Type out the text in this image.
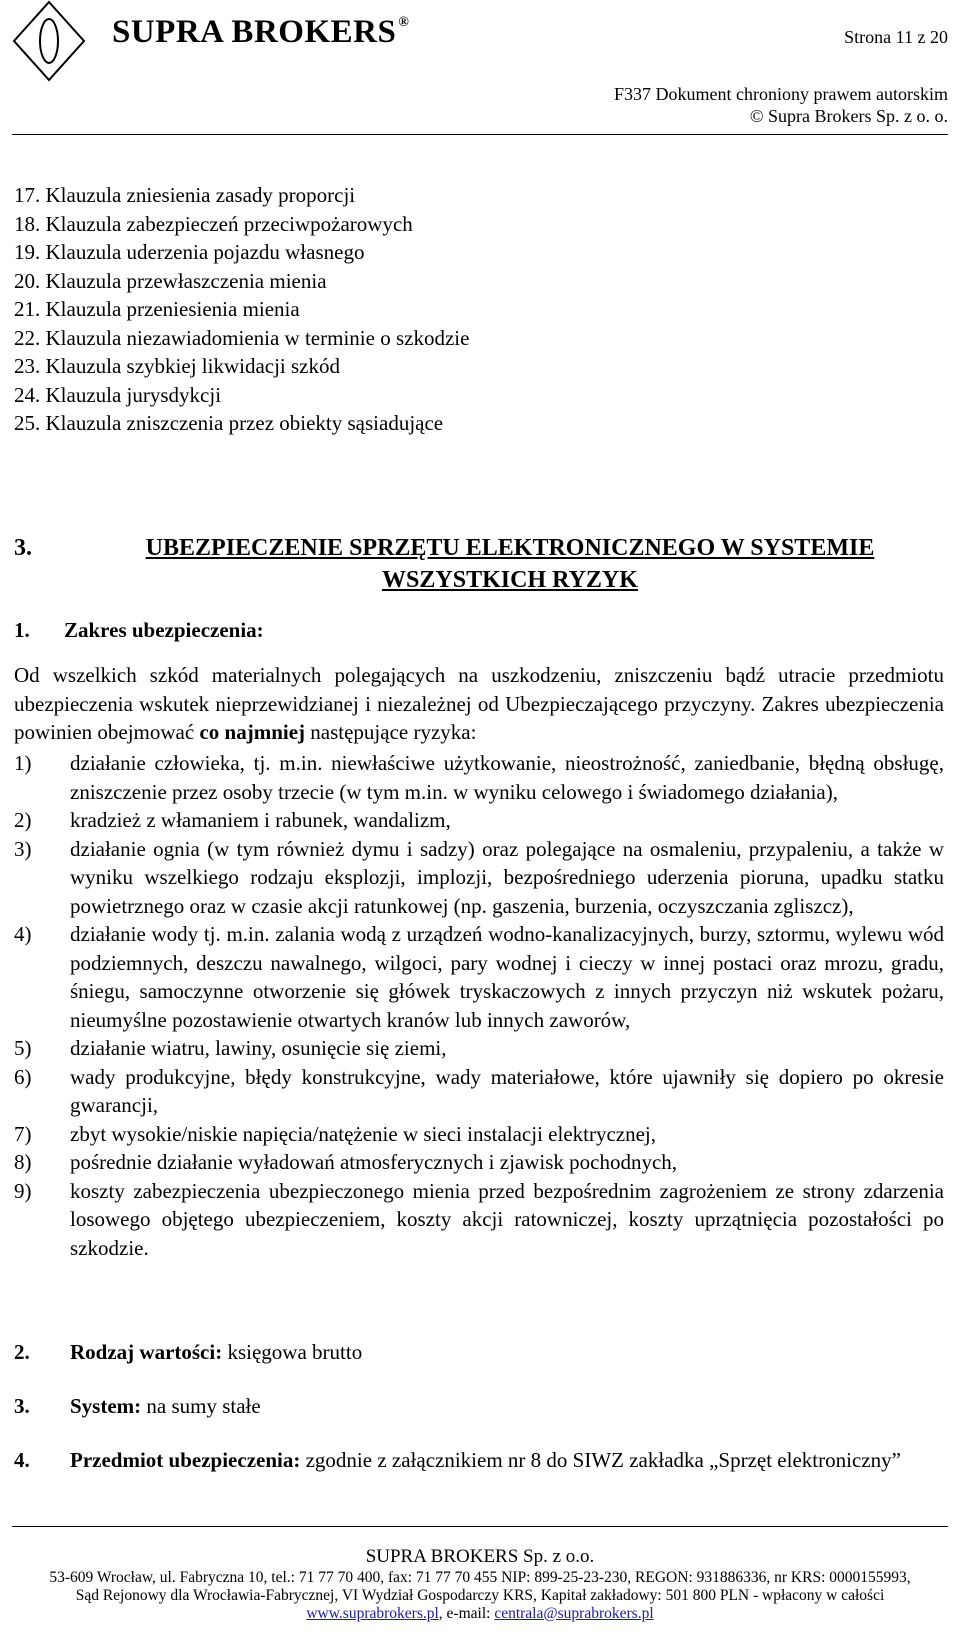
SUPRA BROKERS ®
Strona 11 z 20
F337 Dokument chroniony prawem autorskim
© Supra Brokers Sp. z o. o.
17. Klauzula zniesienia zasady proporcji
18. Klauzula zabezpieczeń przeciwpożarowych
19. Klauzula uderzenia pojazdu własnego
20. Klauzula przewłaszczenia mienia
21. Klauzula przeniesienia mienia
22. Klauzula niezawiadomienia w terminie o szkodzie
23. Klauzula szybkiej likwidacji szkód
24. Klauzula jurysdykcji
25. Klauzula zniszczenia przez obiekty sąsiadujące
3.	UBEZPIECZENIE SPRZĘTU ELEKTRONICZNEGO W SYSTEMIE WSZYSTKICH RYZYK
1. Zakres ubezpieczenia:
Od wszelkich szkód materialnych polegających na uszkodzeniu, zniszczeniu bądź utracie przedmiotu ubezpieczenia wskutek nieprzewidzianej i niezależnej od Ubezpieczającego przyczyny. Zakres ubezpieczenia powinien obejmować co najmniej następujące ryzyka:
1) działanie człowieka, tj. m.in. niewłaściwe użytkowanie, nieostrożność, zaniedbanie, błędną obsługę, zniszczenie przez osoby trzecie (w tym m.in. w wyniku celowego i świadomego działania),
2) kradzież z włamaniem i rabunek, wandalizm,
3) działanie ognia (w tym również dymu i sadzy) oraz polegające na osmaleniu, przypaleniu, a także w wyniku wszelkiego rodzaju eksplozji, implozji, bezpośredniego uderzenia pioruna, upadku statku powietrznego oraz w czasie akcji ratunkowej (np. gaszenia, burzenia, oczyszczania zgliszcz),
4) działanie wody tj. m.in. zalania wodą z urządzeń wodno-kanalizacyjnych, burzy, sztormu, wylewu wód podziemnych, deszczu nawalnego, wilgoci, pary wodnej i cieczy w innej postaci oraz mrozu, gradu, śniegu, samoczynne otworzenie się główek tryskaczowych z innych przyczyn niż wskutek pożaru, nieumyślne pozostawienie otwartych kranów lub innych zaworów,
5) działanie wiatru, lawiny, osunięcie się ziemi,
6) wady produkcyjne, błędy konstrukcyjne, wady materiałowe, które ujawniły się dopiero po okresie gwarancji,
7) zbyt wysokie/niskie napięcia/natężenie w sieci instalacji elektrycznej,
8) pośrednie działanie wyładowań atmosferycznych i zjawisk pochodnych,
9) koszty zabezpieczenia ubezpieczonego mienia przed bezpośrednim zagrożeniem ze strony zdarzenia losowego objętego ubezpieczeniem, koszty akcji ratowniczej, koszty uprzątnięcia pozostałości po szkodzie.
2.	Rodzaj wartości: księgowa brutto
3.	System: na sumy stałe
4.	Przedmiot ubezpieczenia: zgodnie z załącznikiem nr 8 do SIWZ zakładka „Sprzęt elektroniczny”
SUPRA BROKERS Sp. z o.o.
53-609 Wrocław, ul. Fabryczna 10, tel.: 71 77 70 400, fax: 71 77 70 455 NIP: 899-25-23-230, REGON: 931886336, nr KRS: 0000155993,
Sąd Rejonowy dla Wrocławia-Fabrycznej, VI Wydział Gospodarczy KRS, Kapitał zakładowy: 501 800 PLN - wpłacony w całości
www.suprabrokers.pl, e-mail: centrala@suprabrokers.pl
